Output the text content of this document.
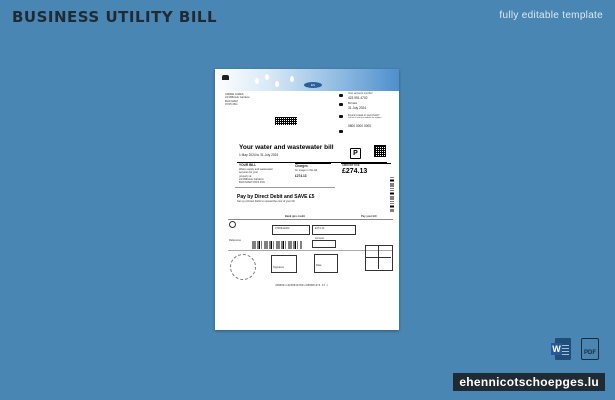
BUSINESS UTILITY BILL	fully editable template
ES
ANDRE JAMES
24 Millbrook Gardens
BLOXHAM
OX15 4SG
Your account number
423 991 4702
Bill date
31 July 2024
Found a leak or need help?
Call us or visit our website for support
0800 0000 0000

Your water and wastewater bill
1 May 2024 to 31 July 2024	P
YOUR BILL
Water supply and wastewater
services for your
property at
24 Millbrook Gardens
BLOXHAM OX15 4SG
Charges
for usage in this bill
£274.13
AMOUNT DUE
£274.13
Pay by Direct Debit and SAVE £5
Set up a Direct Debit to spread the cost of your bill
Bank giro credit	Pay your bill
4730641202	£274.13
Amount
Reference
Signature
Date

<00002><4230014702><00000>274.13 <
W	PDF
ehennicotschoepges.lu
